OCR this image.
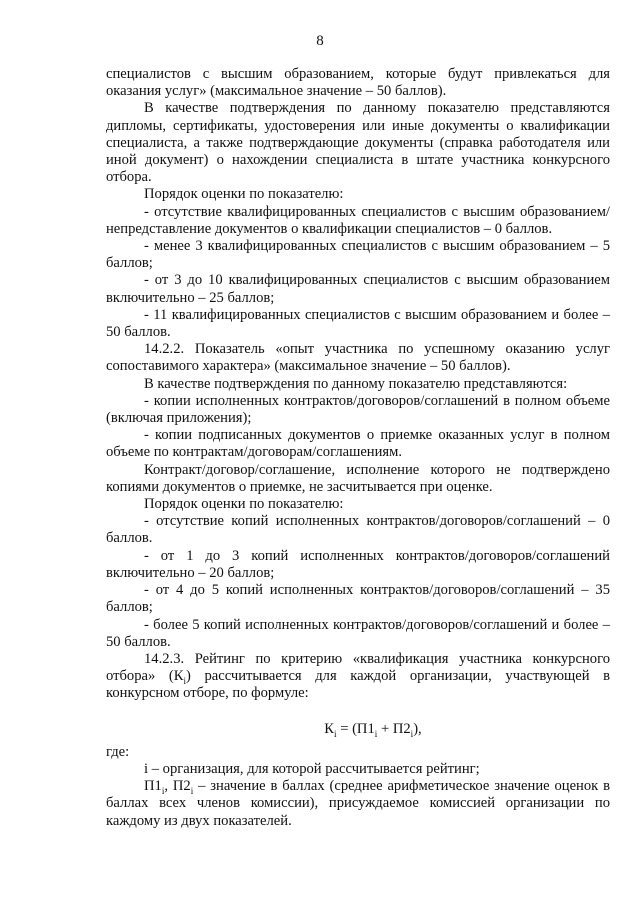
8

специалистов с высшим образованием, которые будут привлекаться для оказания услуг» (максимальное значение – 50 баллов).

В качестве подтверждения по данному показателю представляются дипломы, сертификаты, удостоверения или иные документы о квалификации специалиста, а также подтверждающие документы (справка работодателя или иной документ) о нахождении специалиста в штате участника конкурсного отбора.

Порядок оценки по показателю:

- отсутствие квалифицированных специалистов с высшим образованием/ непредставление документов о квалификации специалистов – 0 баллов.

- менее 3 квалифицированных специалистов с высшим образованием – 5 баллов;

- от 3 до 10 квалифицированных специалистов с высшим образованием включительно – 25 баллов;

- 11 квалифицированных специалистов с высшим образованием и более – 50 баллов.

14.2.2. Показатель «опыт участника по успешному оказанию услуг сопоставимого характера» (максимальное значение – 50 баллов).

В качестве подтверждения по данному показателю представляются:

- копии исполненных контрактов/договоров/соглашений в полном объеме (включая приложения);

- копии подписанных документов о приемке оказанных услуг в полном объеме по контрактам/договорам/соглашениям.

Контракт/договор/соглашение, исполнение которого не подтверждено копиями документов о приемке, не засчитывается при оценке.

Порядок оценки по показателю:

- отсутствие копий исполненных контрактов/договоров/соглашений – 0 баллов.

- от 1 до 3 копий исполненных контрактов/договоров/соглашений включительно – 20 баллов;

- от 4 до 5 копий исполненных контрактов/договоров/соглашений – 35 баллов;

- более 5 копий исполненных контрактов/договоров/соглашений и более – 50 баллов.

14.2.3. Рейтинг по критерию «квалификация участника конкурсного отбора» $(К_i)$ рассчитывается для каждой организации, участвующей в конкурсном отборе, по формуле:

$К_i = (П1_i + П2_i)$,

где:

i – организация, для которой рассчитывается рейтинг;

$П1_i$, $П2_i$ – значение в баллах (среднее арифметическое значение оценок в баллах всех членов комиссии), присуждаемое комиссией организации по каждому из двух показателей.
